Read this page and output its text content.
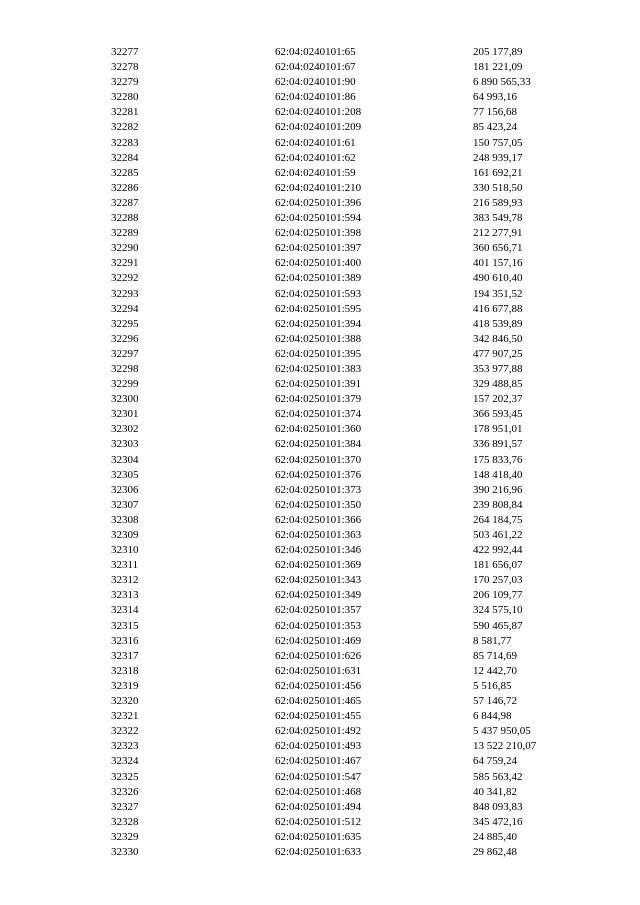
32277	62:04:0240101:65	205 177,89
32278	62:04:0240101:67	181 221,09
32279	62:04:0240101:90	6 890 565,33
32280	62:04:0240101:86	64 993,16
32281	62:04:0240101:208	77 156,68
32282	62:04:0240101:209	85 423,24
32283	62:04:0240101:61	150 757,05
32284	62:04:0240101:62	248 939,17
32285	62:04:0240101:59	161 692,21
32286	62:04:0240101:210	330 518,50
32287	62:04:0250101:396	216 589,93
32288	62:04:0250101:594	383 549,78
32289	62:04:0250101:398	212 277,91
32290	62:04:0250101:397	360 656,71
32291	62:04:0250101:400	401 157,16
32292	62:04:0250101:389	490 610,40
32293	62:04:0250101:593	194 351,52
32294	62:04:0250101:595	416 677,88
32295	62:04:0250101:394	418 539,89
32296	62:04:0250101:388	342 846,50
32297	62:04:0250101:395	477 907,25
32298	62:04:0250101:383	353 977,88
32299	62:04:0250101:391	329 488,85
32300	62:04:0250101:379	157 202,37
32301	62:04:0250101:374	366 593,45
32302	62:04:0250101:360	178 951,01
32303	62:04:0250101:384	336 891,57
32304	62:04:0250101:370	175 833,76
32305	62:04:0250101:376	148 418,40
32306	62:04:0250101:373	390 216,96
32307	62:04:0250101:350	239 808,84
32308	62:04:0250101:366	264 184,75
32309	62:04:0250101:363	503 461,22
32310	62:04:0250101:346	422 992,44
32311	62:04:0250101:369	181 656,07
32312	62:04:0250101:343	170 257,03
32313	62:04:0250101:349	206 109,77
32314	62:04:0250101:357	324 575,10
32315	62:04:0250101:353	590 465,87
32316	62:04:0250101:469	8 581,77
32317	62:04:0250101:626	85 714,69
32318	62:04:0250101:631	12 442,70
32319	62:04:0250101:456	5 516,85
32320	62:04:0250101:465	57 146,72
32321	62:04:0250101:455	6 844,98
32322	62:04:0250101:492	5 437 950,05
32323	62:04:0250101:493	13 522 210,07
32324	62:04:0250101:467	64 759,24
32325	62:04:0250101:547	585 563,42
32326	62:04:0250101:468	40 341,82
32327	62:04:0250101:494	848 093,83
32328	62:04:0250101:512	345 472,16
32329	62:04:0250101:635	24 885,40
32330	62:04:0250101:633	29 862,48
